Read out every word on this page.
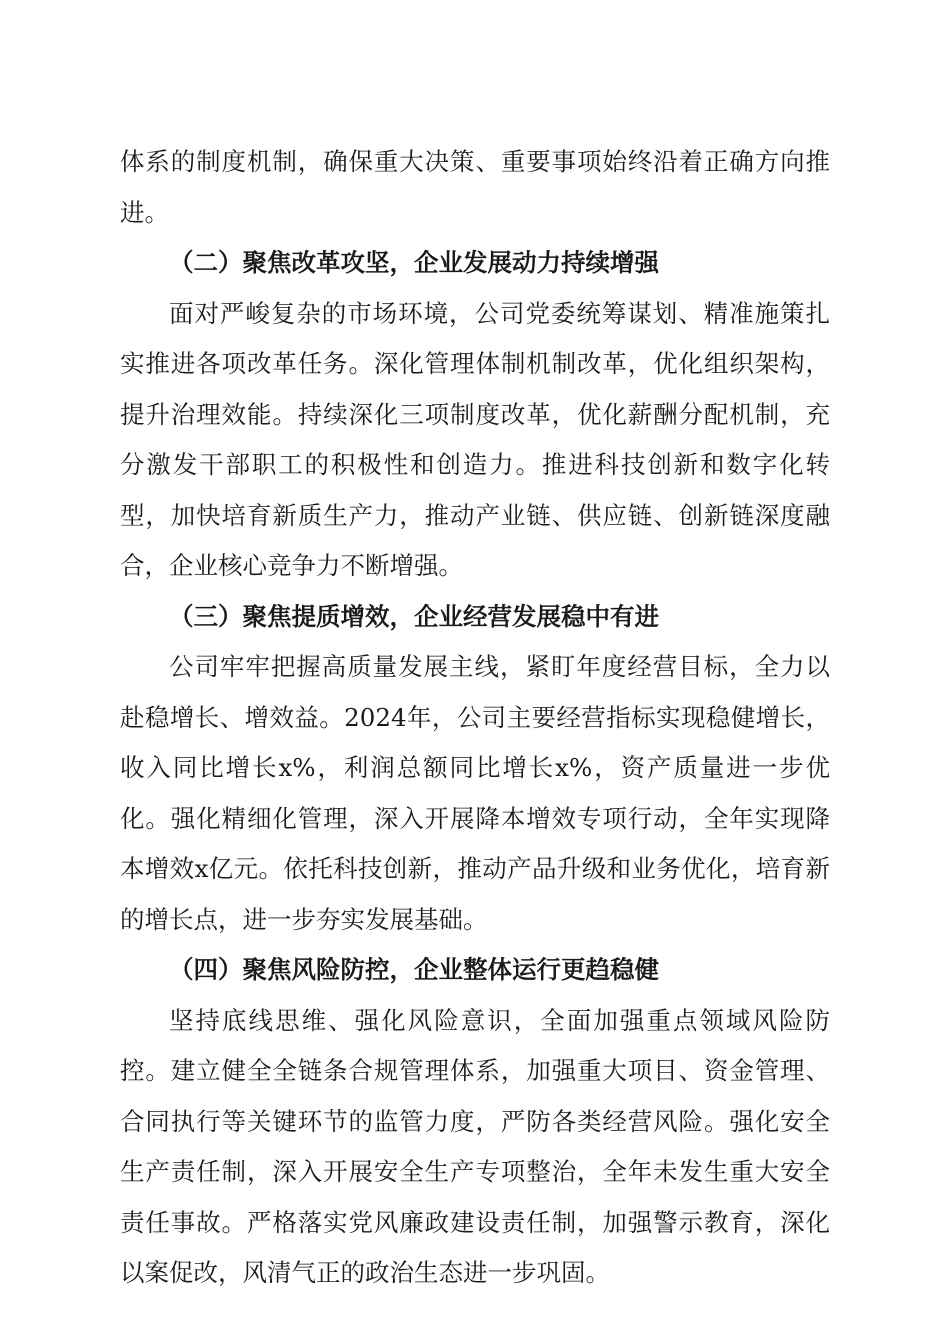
体系的制度机制，确保重大决策、重要事项始终沿着正确方向推进。

（二）聚焦改革攻坚，企业发展动力持续增强

面对严峻复杂的市场环境，公司党委统筹谋划、精准施策扎实推进各项改革任务。深化管理体制机制改革，优化组织架构，提升治理效能。持续深化三项制度改革，优化薪酬分配机制，充分激发干部职工的积极性和创造力。推进科技创新和数字化转型，加快培育新质生产力，推动产业链、供应链、创新链深度融合，企业核心竞争力不断增强。

（三）聚焦提质增效，企业经营发展稳中有进

公司牢牢把握高质量发展主线，紧盯年度经营目标，全力以赴稳增长、增效益。2024年，公司主要经营指标实现稳健增长，收入同比增长x%，利润总额同比增长x%，资产质量进一步优化。强化精细化管理，深入开展降本增效专项行动，全年实现降本增效x亿元。依托科技创新，推动产品升级和业务优化，培育新的增长点，进一步夯实发展基础。

（四）聚焦风险防控，企业整体运行更趋稳健

坚持底线思维、强化风险意识，全面加强重点领域风险防控。建立健全全链条合规管理体系，加强重大项目、资金管理、合同执行等关键环节的监管力度，严防各类经营风险。强化安全生产责任制，深入开展安全生产专项整治，全年未发生重大安全责任事故。严格落实党风廉政建设责任制，加强警示教育，深化以案促改，风清气正的政治生态进一步巩固。
